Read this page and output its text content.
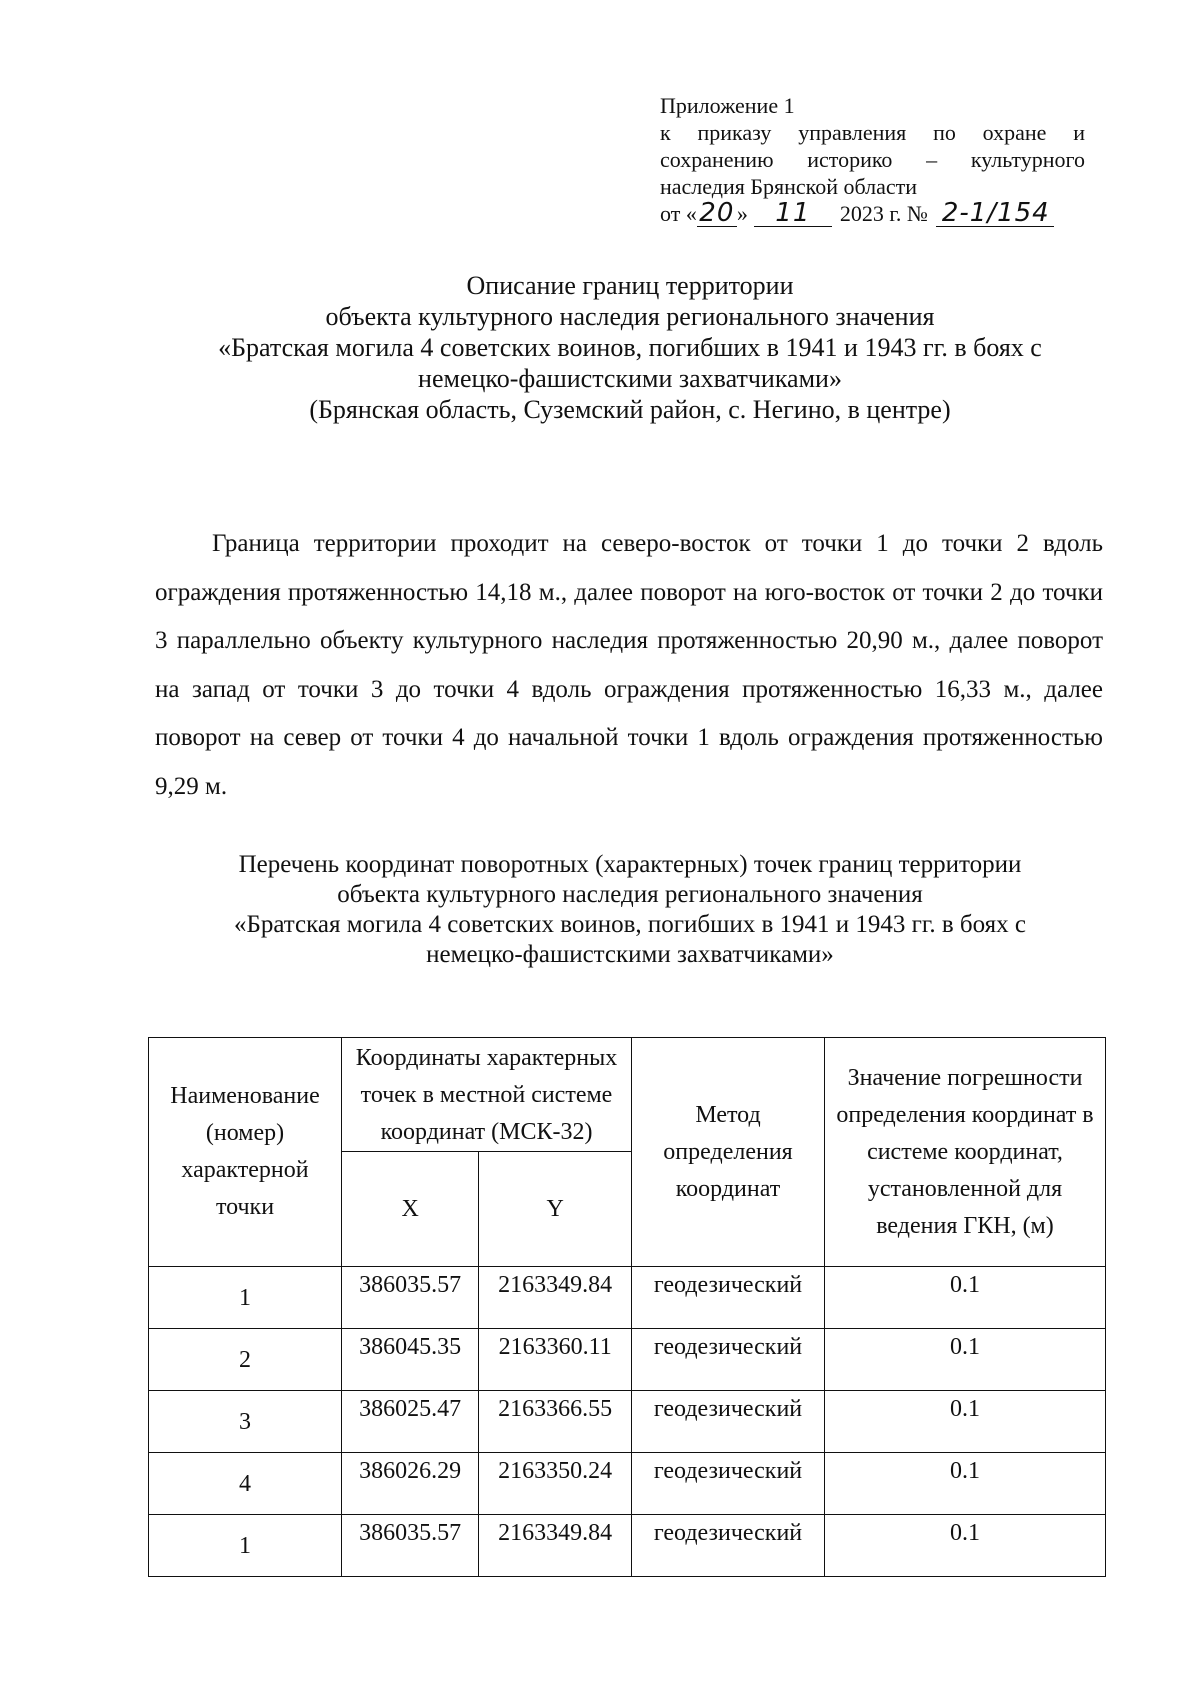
Приложение 1
к приказу управления по охране и
сохранению историко – культурного
наследия Брянской области
от « 20 »	11	2023 г. № 2-1/154
Описание границ территории
объекта культурного наследия регионального значения
«Братская могила 4 советских воинов, погибших в 1941 и 1943 гг. в боях с
немецко-фашистскими захватчиками»
(Брянская область, Суземский район, с. Негино, в центре)

Граница территории проходит на северо-восток от точки 1 до точки 2 вдоль ограждения протяженностью 14,18 м., далее поворот на юго-восток от точки 2 до точки 3 параллельно объекту культурного наследия протяженностью 20,90 м., далее поворот на запад от точки 3 до точки 4 вдоль ограждения протяженностью 16,33 м., далее поворот на север от точки 4 до начальной точки 1 вдоль ограждения протяженностью 9,29 м.

Перечень координат поворотных (характерных) точек границ территории
объекта культурного наследия регионального значения
«Братская могила 4 советских воинов, погибших в 1941 и 1943 гг. в боях с
немецко-фашистскими захватчиками»
Наименование (номер) характерной точки	Координаты характерных точек в местной системе координат (МСК-32)		Метод определения координат	Значение погрешности определения координат в системе координат, установленной для ведения ГКН, (м)
	X	Y		
1	386035.57	2163349.84	геодезический	0.1
2	386045.35	2163360.11	геодезический	0.1
3	386025.47	2163366.55	геодезический	0.1
4	386026.29	2163350.24	геодезический	0.1
1	386035.57	2163349.84	геодезический	0.1
